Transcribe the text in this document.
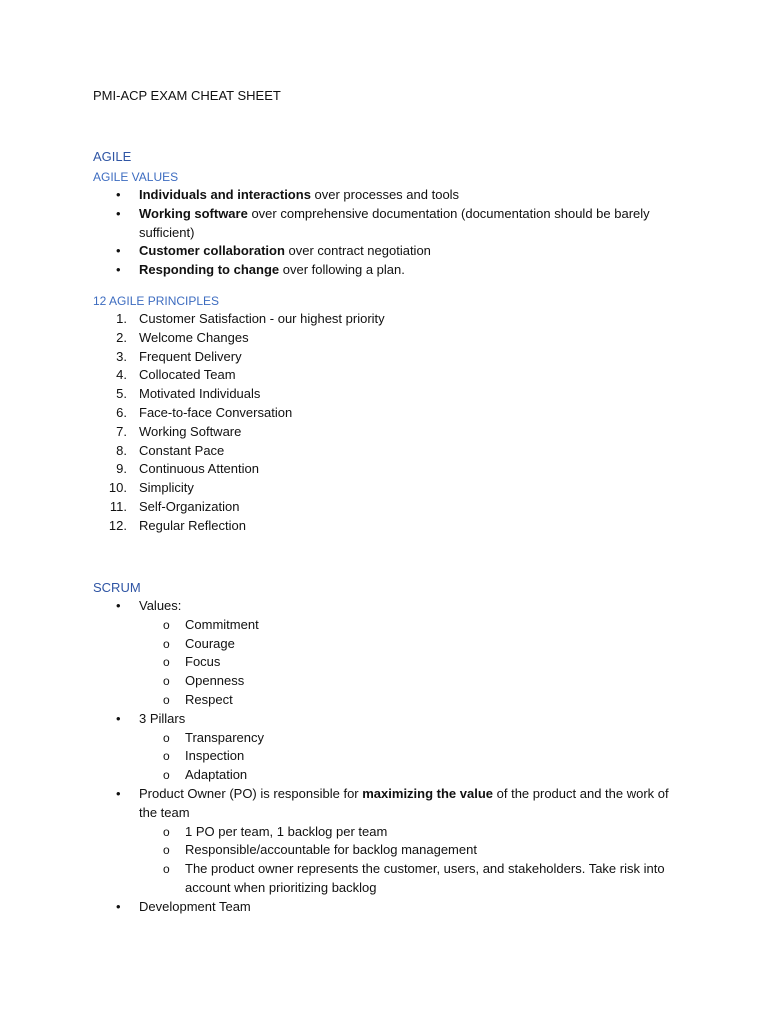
PMI-ACP EXAM CHEAT SHEET
AGILE
AGILE VALUES
• Individuals and interactions over processes and tools
• Working software over comprehensive documentation (documentation should be barely sufficient)
• Customer collaboration over contract negotiation
• Responding to change over following a plan.
12 AGILE PRINCIPLES
1. Customer Satisfaction - our highest priority
2. Welcome Changes
3. Frequent Delivery
4. Collocated Team
5. Motivated Individuals
6. Face-to-face Conversation
7. Working Software
8. Constant Pace
9. Continuous Attention
10. Simplicity
11. Self-Organization
12. Regular Reflection
SCRUM
• Values:
o Commitment
o Courage
o Focus
o Openness
o Respect
• 3 Pillars
o Transparency
o Inspection
o Adaptation
• Product Owner (PO) is responsible for maximizing the value of the product and the work of the team
o 1 PO per team, 1 backlog per team
o Responsible/accountable for backlog management
o The product owner represents the customer, users, and stakeholders. Take risk into account when prioritizing backlog
• Development Team
